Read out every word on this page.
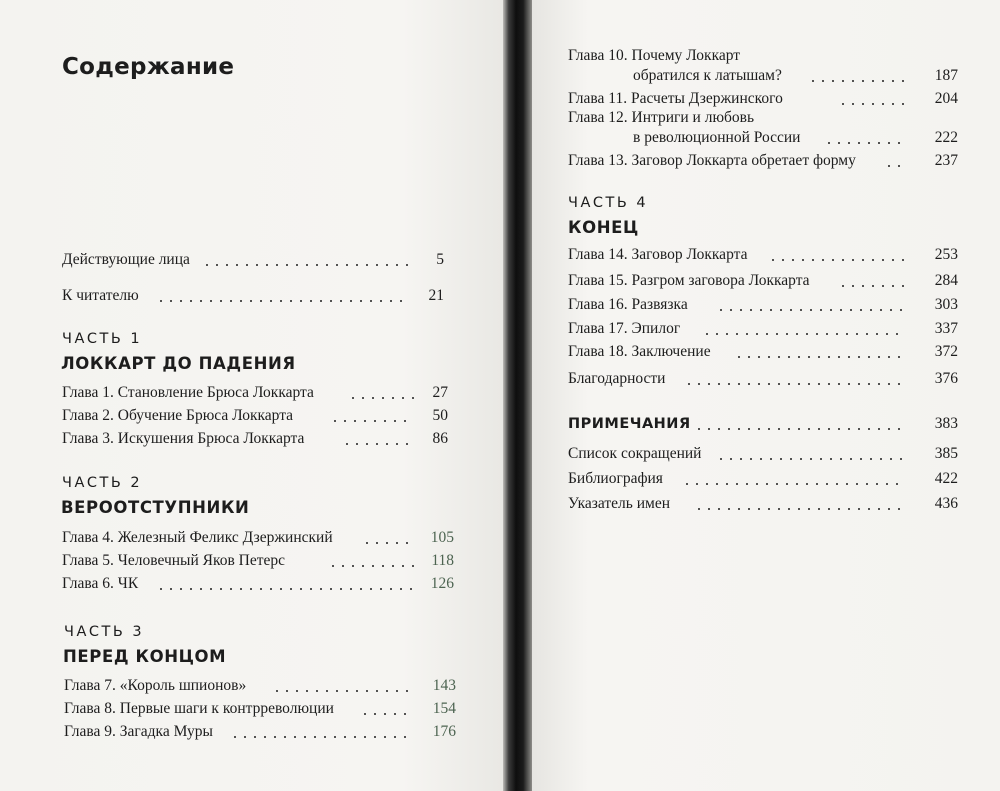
Содержание
Действующие лица	5
К читателю	21
ЧАСТЬ 1
ЛОККАРТ ДО ПАДЕНИЯ
Глава 1. Становление Брюса Локкарта	27
Глава 2. Обучение Брюса Локкарта	50
Глава 3. Искушения Брюса Локкарта	86
ЧАСТЬ 2
ВЕРООТСТУПНИКИ
Глава 4. Железный Феликс Дзержинский	105
Глава 5. Человечный Яков Петерс	118
Глава 6. ЧК	126
ЧАСТЬ 3
ПЕРЕД КОНЦОМ
Глава 7. «Король шпионов»	143
Глава 8. Первые шаги к контрреволюции	154
Глава 9. Загадка Муры	176
Глава 10. Почему Локкарт
обратился к латышам?	187
Глава 11. Расчеты Дзержинского	204
Глава 12. Интриги и любовь
в революционной России	222
Глава 13. Заговор Локкарта обретает форму	237
ЧАСТЬ 4
КОНЕЦ
Глава 14. Заговор Локкарта	253
Глава 15. Разгром заговора Локкарта	284
Глава 16. Развязка	303
Глава 17. Эпилог	337
Глава 18. Заключение	372
Благодарности	376
ПРИМЕЧАНИЯ	383
Список сокращений	385
Библиография	422
Указатель имен	436
